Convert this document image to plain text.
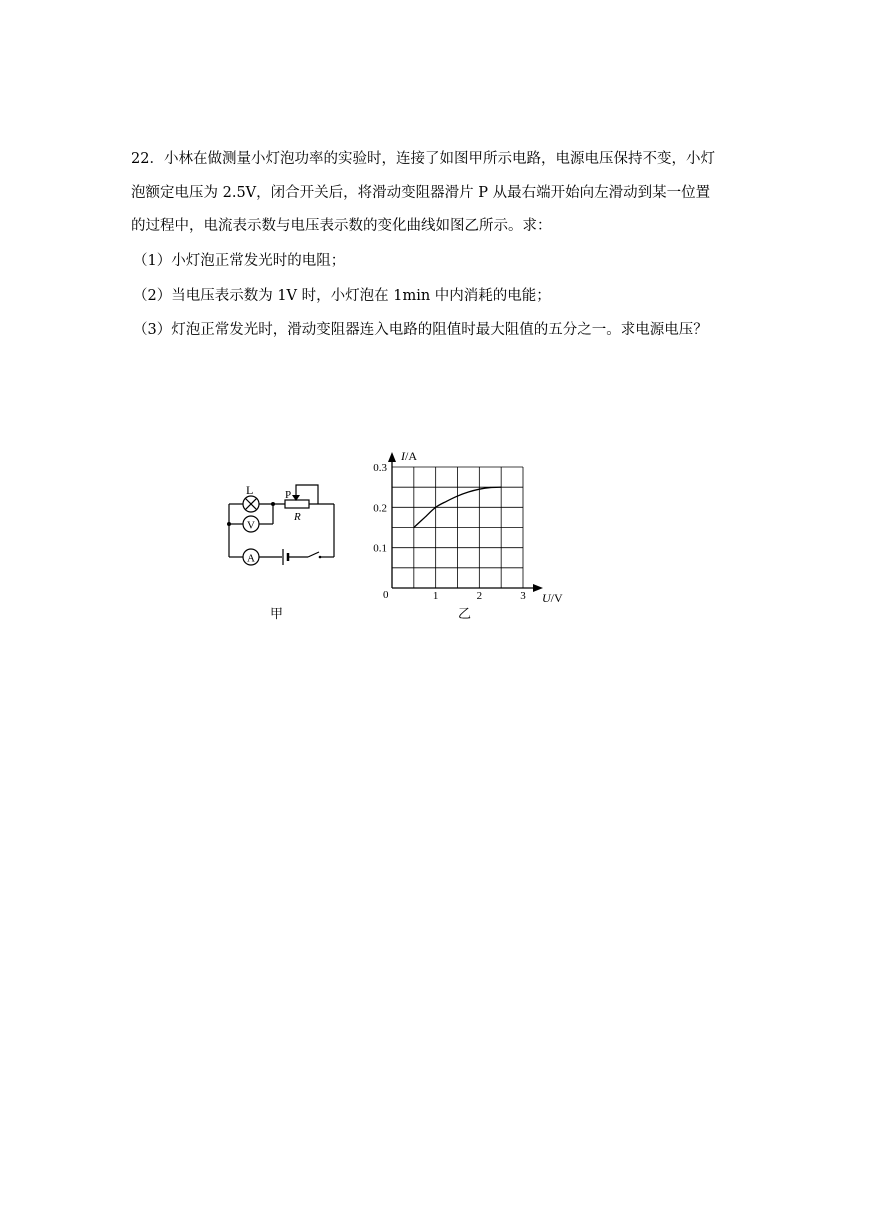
22．小林在做测量小灯泡功率的实验时，连接了如图甲所示电路，电源电压保持不变，小灯
泡额定电压为 2.5V，闭合开关后，将滑动变阻器滑片 P 从最右端开始向左滑动到某一位置
的过程中，电流表示数与电压表示数的变化曲线如图乙所示。求：
（1）小灯泡正常发光时的电阻；
（2）当电压表示数为 1V 时，小灯泡在 1min 中内消耗的电能；
（3）灯泡正常发光时，滑动变阻器连入电路的阻值时最大阻值的五分之一。求电源电压？
L
V
A
P
R
甲
1	2	3
0.1
0.2
0.3
0
I/A
U/V
乙
